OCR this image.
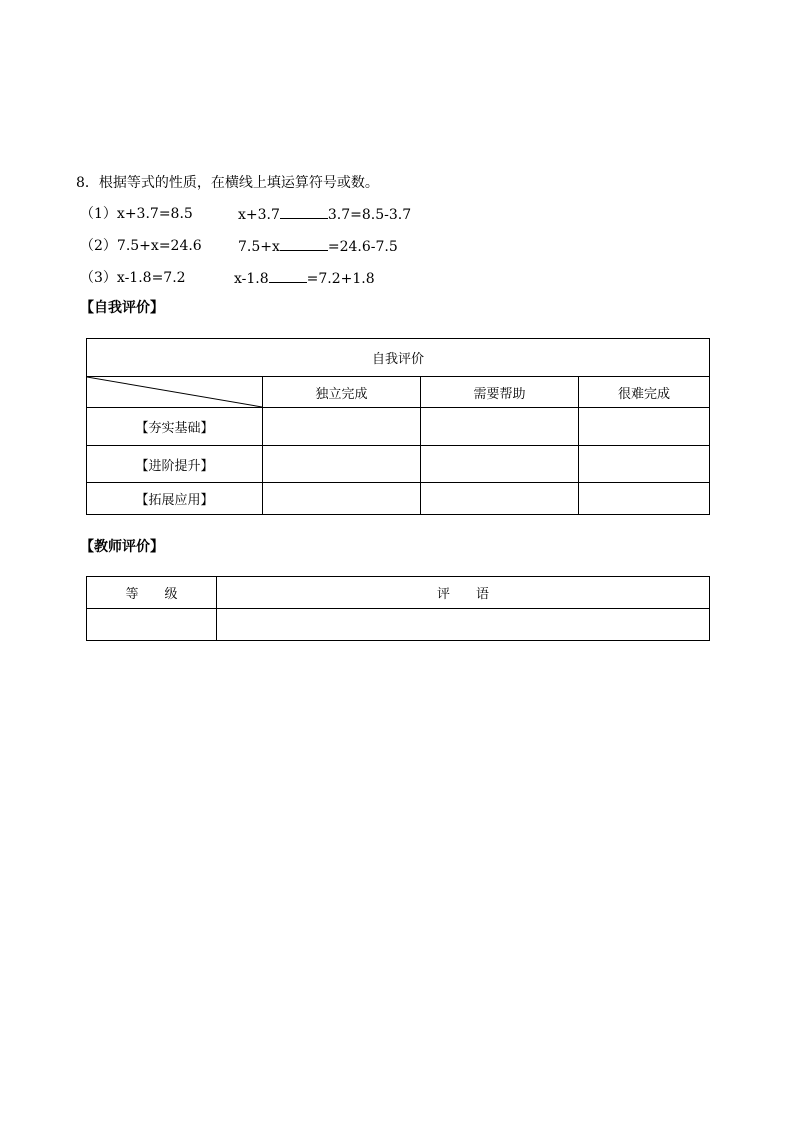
8．根据等式的性质，在横线上填运算符号或数。
（1）x+3.7=8.5	x+3.7	3.7=8.5-3.7
（2）7.5+x=24.6	7.5+x	=24.6-7.5
（3）x-1.8=7.2	x-1.8	=7.2+1.8
【自我评价】
自我评价			

	独立完成	需要帮助	很难完成
【夯实基础】			
【进阶提升】			
【拓展应用】			
【教师评价】
等　　级	评　　语
